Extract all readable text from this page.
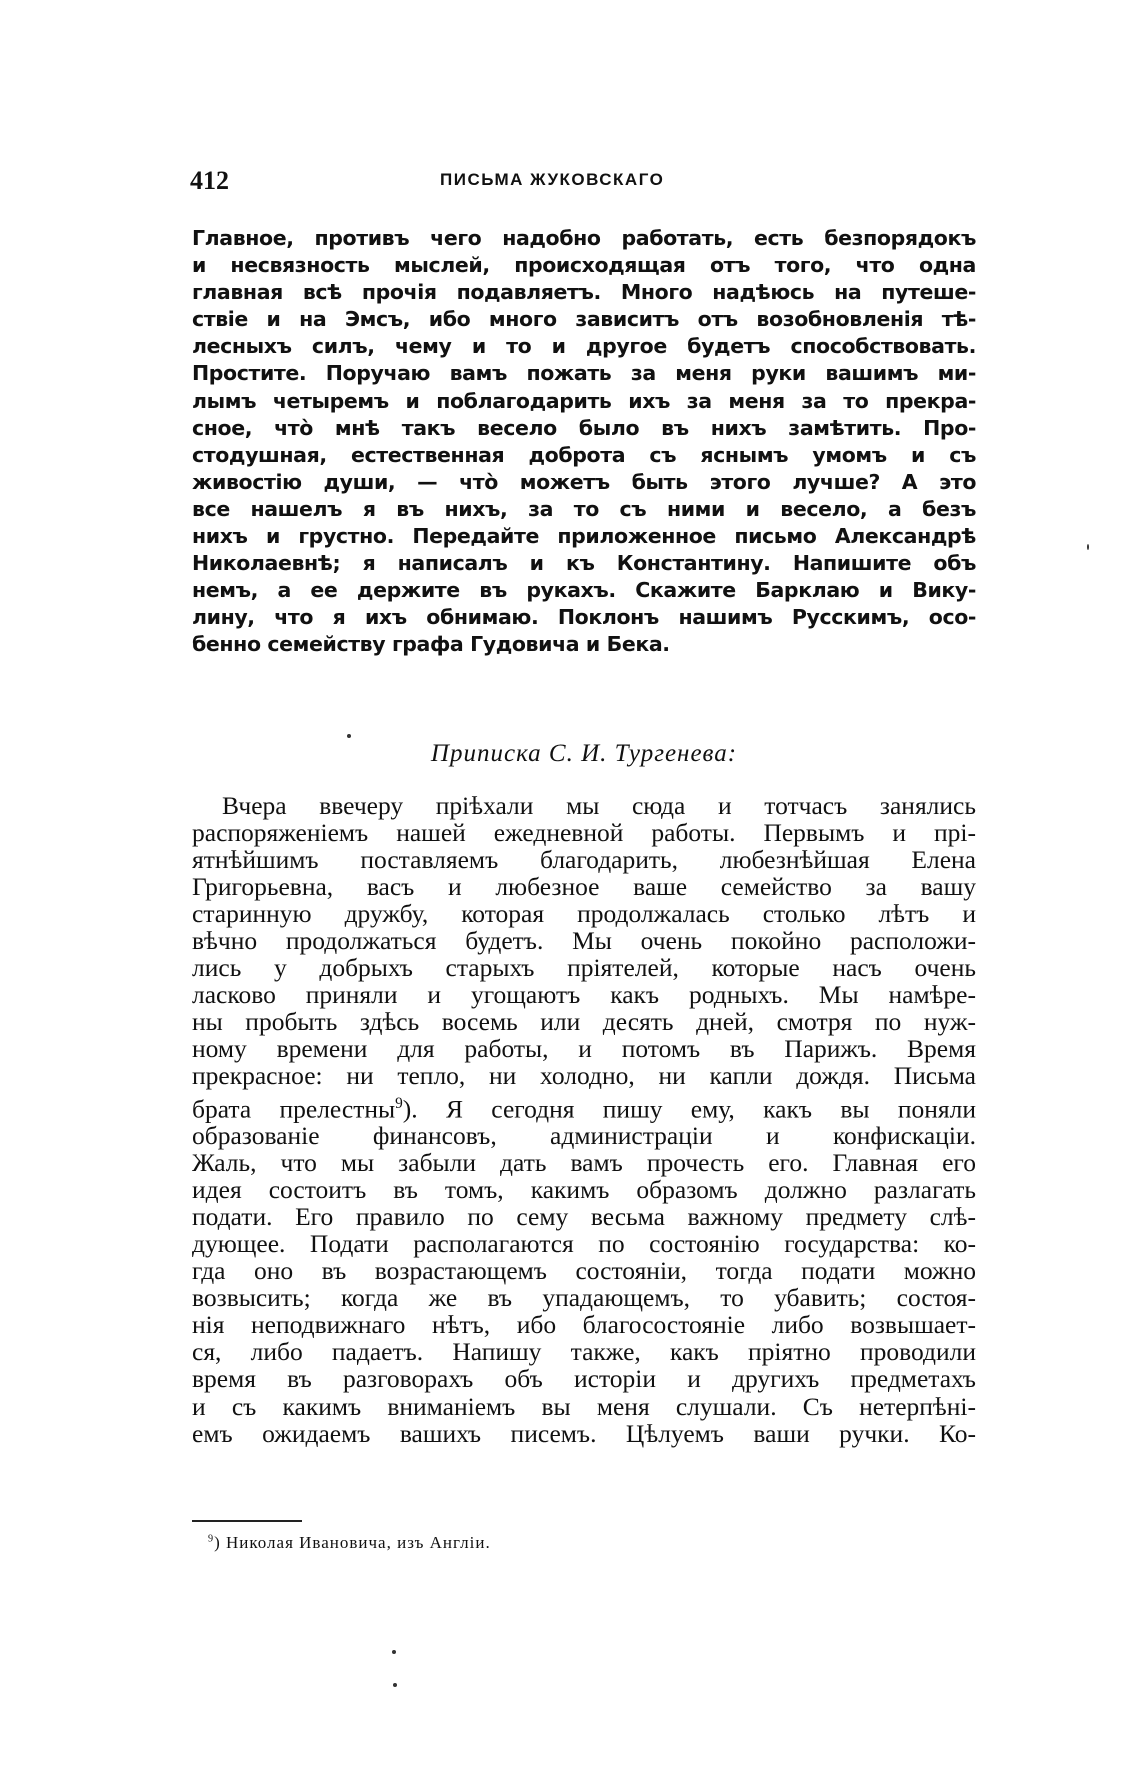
412	ПИСЬМА ЖУКОВСКАГО
Главное, противъ чего надобно работать, есть безпорядокъ
и несвязность мыслей, происходящая отъ того, что одна
главная всѣ прочія подавляетъ. Много надѣюсь на путеше-
ствіе и на Эмсъ, ибо много зависитъ отъ возобновленія тѣ-
лесныхъ силъ, чему и то и другое будетъ способствовать.
Простите. Поручаю вамъ пожать за меня руки вашимъ ми-
лымъ четыремъ и поблагодарить ихъ за меня за то прекра-
сное, что̀ мнѣ такъ весело было въ нихъ замѣтить. Про-
стодушная, естественная доброта съ яснымъ умомъ и съ
живостію души, — что̀ можетъ быть этого лучше? А это
все нашелъ я въ нихъ, за то съ ними и весело, а безъ
нихъ и грустно. Передайте приложенное письмо Александрѣ
Николаевнѣ; я написалъ и къ Константину. Напишите объ
немъ, а ее держите въ рукахъ. Скажите Барклаю и Вику-
лину, что я ихъ обнимаю. Поклонъ нашимъ Русскимъ, осо-
бенно семейству графа Гудовича и Бека.
Приписка С. И. Тургенева:
Вчера ввечеру пріѣхали мы сюда и тотчасъ занялись
распоряженіемъ нашей ежедневной работы. Первымъ и прі-
ятнѣйшимъ поставляемъ благодарить, любезнѣйшая Елена
Григорьевна, васъ и любезное ваше семейство за вашу
старинную дружбу, которая продолжалась столько лѣтъ и
вѣчно продолжаться будетъ. Мы очень покойно расположи-
лись у добрыхъ старыхъ пріятелей, которые насъ очень
ласково приняли и угощаютъ какъ родныхъ. Мы намѣре-
ны пробыть здѣсь восемь или десять дней, смотря по нуж-
ному времени для работы, и потомъ въ Парижъ. Время
прекрасное: ни тепло, ни холодно, ни капли дождя. Письма
брата прелестны$^9$). Я сегодня пишу ему, какъ вы поняли
образованіе финансовъ, администраціи и конфискаціи.
Жаль, что мы забыли дать вамъ прочесть его. Главная его
идея состоитъ въ томъ, какимъ образомъ должно разлагать
подати. Его правило по сему весьма важному предмету слѣ-
дующее. Подати располагаются по состоянію государства: ко-
гда оно въ возрастающемъ состояніи, тогда подати можно
возвысить; когда же въ упадающемъ, то убавить; состоя-
нія неподвижнаго нѣтъ, ибо благосостояніе либо возвышает-
ся, либо падаетъ. Напишу также, какъ пріятно проводили
время въ разговорахъ объ исторіи и другихъ предметахъ
и съ какимъ вниманіемъ вы меня слушали. Съ нетерпѣні-
емъ ожидаемъ вашихъ писемъ. Цѣлуемъ ваши ручки. Ко-
$^9$) Николая Ивановича, изъ Англіи.
